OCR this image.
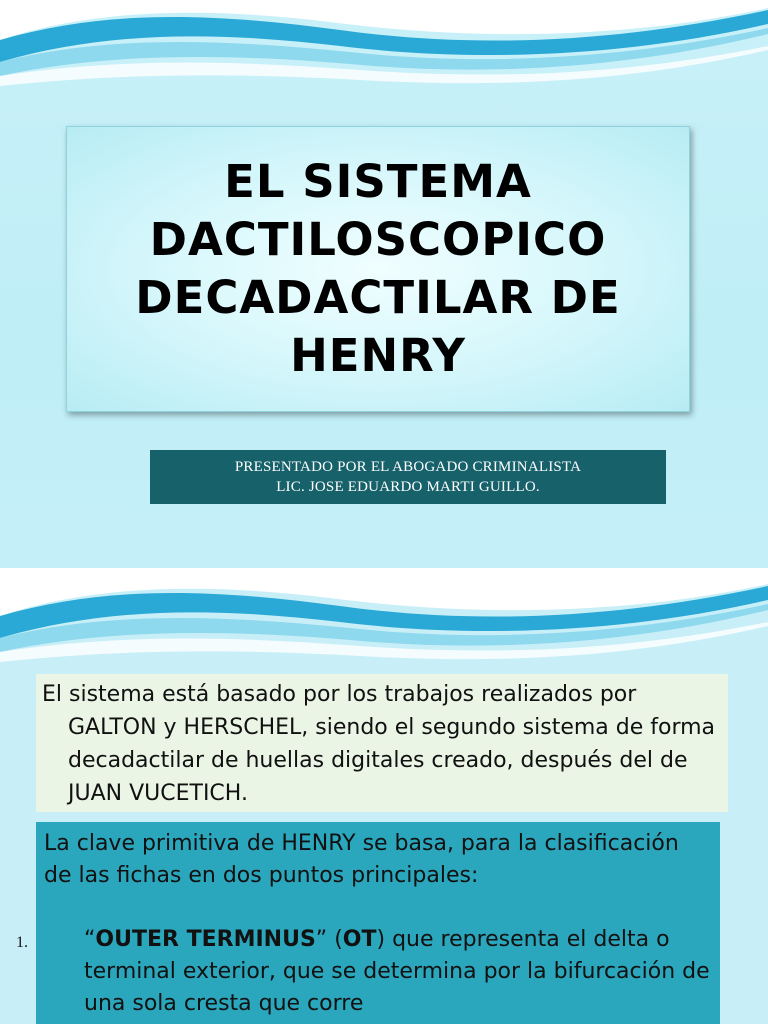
EL SISTEMA DACTILOSCOPICO DECADACTILAR DE HENRY
PRESENTADO POR EL ABOGADO CRIMINALISTA
LIC. JOSE EDUARDO MARTI GUILLO.
El sistema está basado por los trabajos realizados por GALTON y HERSCHEL, siendo el segundo sistema de forma decadactilar de huellas digitales creado, después del de JUAN VUCETICH.

La clave primitiva de HENRY se basa, para la clasificación de las fichas en dos puntos principales:

1.	“OUTER TERMINUS” (OT) que representa el delta o terminal exterior, que se determina por la bifurcación de una sola cresta que corre
